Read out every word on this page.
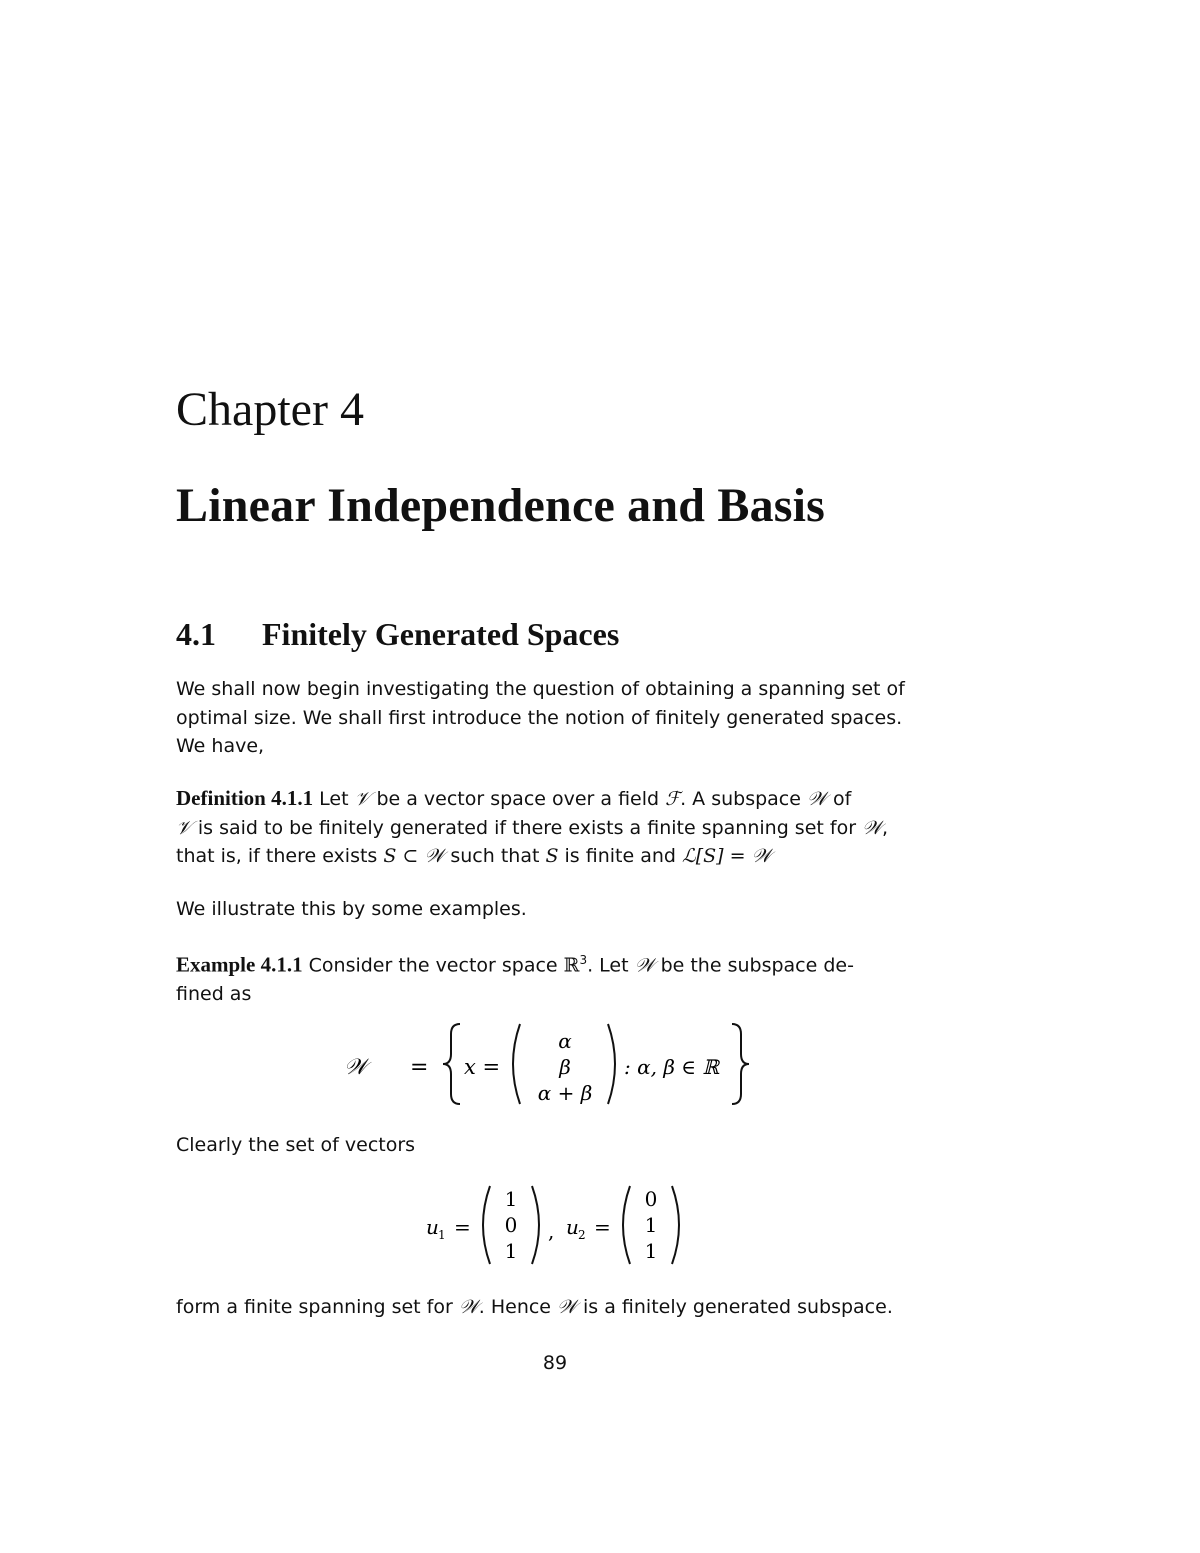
Chapter 4
Linear Independence and Basis
4.1 Finitely Generated Spaces

We shall now begin investigating the question of obtaining a spanning set of
optimal size. We shall first introduce the notion of finitely generated spaces.
We have,

Definition 4.1.1 Let 𝒱 be a vector space over a field ℱ. A subspace 𝒲 of
𝒱 is said to be finitely generated if there exists a finite spanning set for 𝒲,
that is, if there exists S ⊂ 𝒲 such that S is finite and ℒ[S] = 𝒲

We illustrate this by some examples.

Example 4.1.1 Consider the vector space ℝ$^3$. Let 𝒲 be the subspace de-
fined as

𝒲 = x =
α
β
α + β
: α, β ∈ ℝ

Clearly the set of vectors

u 1 =
1
0
1
, u 2 =
0
1
1

form a finite spanning set for 𝒲. Hence 𝒲 is a finitely generated subspace.

89
